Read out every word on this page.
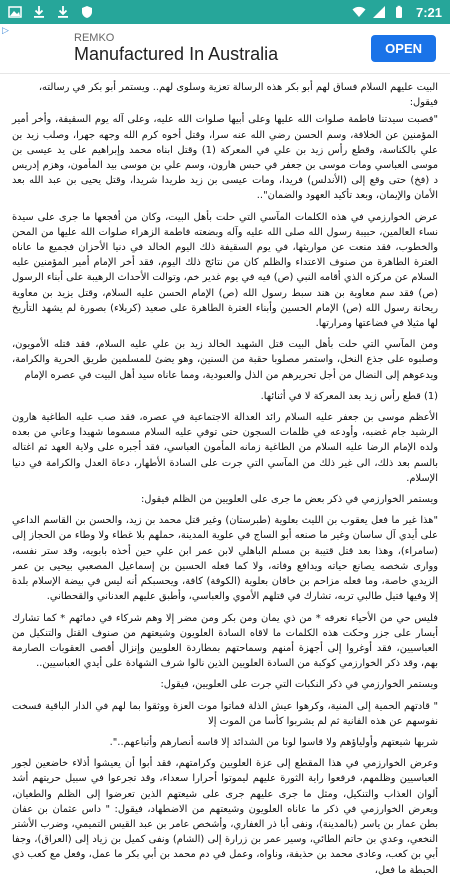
7:21
▷
REMKO
Manufactured In Australia	OPEN

البيت عليهم السلام فساق لهم أبو بكر هذه الرسالة تعزية وسلوى لهم.. ويستمر أبو بكر في رسالته، فيقول:

"فصبت سيدتنا فاطمة صلوات الله عليها وعلى أبيها صلوات الله عليه، وعلى آله يوم السقيفة، وأخر أمير المؤمنين عن الخلافة، وسم الحسن رضي الله عنه سرا، وقتل أخوه كرم الله وجهه جهرا، وصلب زيد بن علي بالكناسة، وقطع رأس زيد بن علي في المعركة (1) وقتل ابناه محمد وإبراهيم على يد عيسى بن موسى العباسي ومات موسى بن جعفر في حبس هارون، وسم علي بن موسى بيد المأمون، وهزم إدريس د (فخ) حتى وقع إلى (الأندلس) فريدا، ومات عيسى بن زيد طريدا شريدا، وقتل يحيى بن عبد الله بعد الأمان والإيمان، وبعد تأكيد العهود والضمان"..

عرض الخوارزمي في هذه الكلمات المآسي التي حلت بأهل البيت، وكان من أفجعها ما جرى على سيدة نساء العالمين، حبيبة رسول الله صلى الله عليه وآله وبضعته فاطمة الزهراء صلوات الله عليها من المحن والخطوب، فقد منعت عن مواريثها، في يوم السقيفة ذلك اليوم الخالد في دنيا الأحزان فجميع ما عاناه العترة الطاهرة من صنوف الاعتداء والظلم كان من نتائج ذلك اليوم، فقد أخر الإمام أمير المؤمنين عليه السلام عن مركزه الذي أقامه النبي (ص) فيه في يوم غدير خم، وتوالت الأحداث الرهيبة على أبناء الرسول (ص) فقد سم معاوية بن هند سبط رسول الله (ص) الإمام الحسن عليه السلام، وقتل يزيد بن معاوية ريحانة رسول الله (ص) الإمام الحسين وأبناء العترة الطاهرة على صعيد (كربلاء) بصورة لم يشهد التأريخ لها مثيلا في فضاعتها ومرارتها.

ومن المآسي التي حلت بأهل البيت قتل الشهيد الخالد زيد بن علي عليه السلام، فقد قتله الأمويون، وصلبوه على جذع النخل، واستمر مصلوبا حقبة من السنين، وهو يضئ للمسلمين طريق الحرية والكرامة، ويدعوهم إلى النضال من أجل تحريرهم من الذل والعبودية، ومما عاناه سيد أهل البيت في عصره الإمام

(1) قطع رأس زيد بعد المعركة لا في أثنائها.

الأعظم موسى بن جعفر عليه السلام رائد العدالة الاجتماعية في عصره، فقد صب عليه الطاغية هارون الرشيد جام غضبه، وأودعه في ظلمات السجون حتى توفي عليه السلام مسموما شهيدا وعاني من بعده ولده الإمام الرضا عليه السلام من الطاغية زمانه المأمون العباسي، فقد أجبره على ولاية العهد ثم اغتاله بالسم بعد ذلك، الى غير ذلك من المآسي التي جرت على السادة الأطهار، دعاة العدل والكرامة في دنيا الإسلام.

ويستمر الخوارزمي في ذكر بعض ما جرى على العلويين من الظلم فيقول:

"هذا غير ما فعل يعقوب بن الليث بعلوية (طبرستان) وغير قتل محمد بن زيد، والحسن بن القاسم الداعي على أيدي آل ساسان وغير ما صنعه أبو الساج في علوية المدينة، حملهم بلا غطاء ولا وطاء من الحجاز إلى (سامراء)، وهذا بعد قتل قتيبة بن مسلم الباهلي لابن عمر ابن علي حين أخذه بابويه، وقد ستر نفسه، ووارى شخصه يصانع حياته ويدافع وفاته، ولا كما فعله الحسين بن إسماعيل المصعبي بيحيى بن عمر الزيدي خاصة، وما فعله مزاحم بن خاقان بعلوية (الكوفة) كافة، ويحسبكم أنه ليس في بيضة الإسلام بلدة إلا وفيها قتيل طالبي تربه، تشارك في قتلهم الأموي والعباسي، وأطبق عليهم العدناني والقحطاني.

فليس حي من الأحياء نعرفه * من ذي يمان ومن بكر ومن مضر إلا وهم شركاء في دمائهم * كما تشارك أيسار على جزر وحكت هذه الكلمات ما لاقاه السادة العلويون وشيعتهم من صنوف القتل والتنكيل من العباسيين، فقد أوغروا إلى أجهزة أمنهم وسماحتهم بمطاردة العلويين وإنزال أقصى العقوبات الصارمة بهم، وقد ذكر الخوارزمي كوكبة من السادة العلويين الذين نالوا شرف الشهادة على أيدي العباسيين..

ويستمر الخوارزمي في ذكر النكبات التي جرت على العلويين، فيقول:

" قادتهم الحمية إلى المنية، وكرهوا عيش الذلة فماتوا موت العزة ووثقوا بما لهم في الدار الباقية فسخت نفوسهم عن هذه الفانية ثم لم يشربوا كأسا من الموت إلا

شربها شيعتهم وأولياؤهم ولا قاسوا لونا من الشدائد إلا قاسه أنصارهم وأتباعهم..".

وعرض الخوارزمي في هذا المقطع إلى عزة العلويين وكرامتهم، فقد أبوا أن يعيشوا أذلاء خاضعين لجور العباسيين وظلمهم، فرفعوا راية الثورة عليهم ليموتوا أحرارا سعداء، وقد تجرعوا في سبيل حريتهم أشد ألوان العذاب والتنكيل، ومثل ما جرى عليهم جرى على شيعتهم الذين تعرضوا إلى الظلم والطغيان، ويعرض الخوارزمي في ذكر ما عاناه العلويون وشيعتهم من الاضطهاد، فيقول: " داس عثمان بن عفان بطن عمار بن ياسر (بالمدينة)، ونفى أبا ذر الغفاري، وأشخص عامر بن عبد القيس التميمي، وضرب الأشتر النخعي، وعدي بن حاتم الطائي، وسير عمر بن زرارة إلى (الشام) ونفى كميل بن زياد إلى (العراق)، وجفا أبي بن كعب، وعادى محمد بن حذيفة، وناواه، وعمل في دم محمد بن أبي بكر ما عمل، وفعل مع كعب ذي الحبطة ما فعل،
